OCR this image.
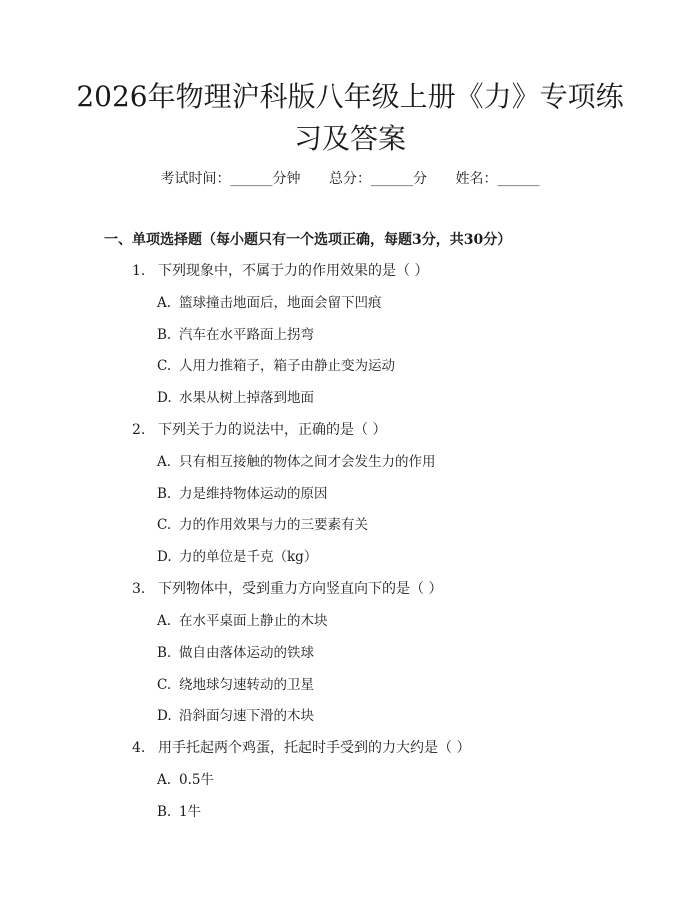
2026年物理沪科版八年级上册《力》专项练
习及答案
考试时间：______分钟 总分：______分 姓名：______
一、单项选择题（每小题只有一个选项正确，每题3分，共30分）
1. 下列现象中，不属于力的作用效果的是（ ）
A. 篮球撞击地面后，地面会留下凹痕
B. 汽车在水平路面上拐弯
C. 人用力推箱子，箱子由静止变为运动
D. 水果从树上掉落到地面
2. 下列关于力的说法中，正确的是（ ）
A. 只有相互接触的物体之间才会发生力的作用
B. 力是维持物体运动的原因
C. 力的作用效果与力的三要素有关
D. 力的单位是千克（kg）
3. 下列物体中，受到重力方向竖直向下的是（ ）
A. 在水平桌面上静止的木块
B. 做自由落体运动的铁球
C. 绕地球匀速转动的卫星
D. 沿斜面匀速下滑的木块
4. 用手托起两个鸡蛋，托起时手受到的力大约是（ ）
A. 0.5牛
B. 1牛
